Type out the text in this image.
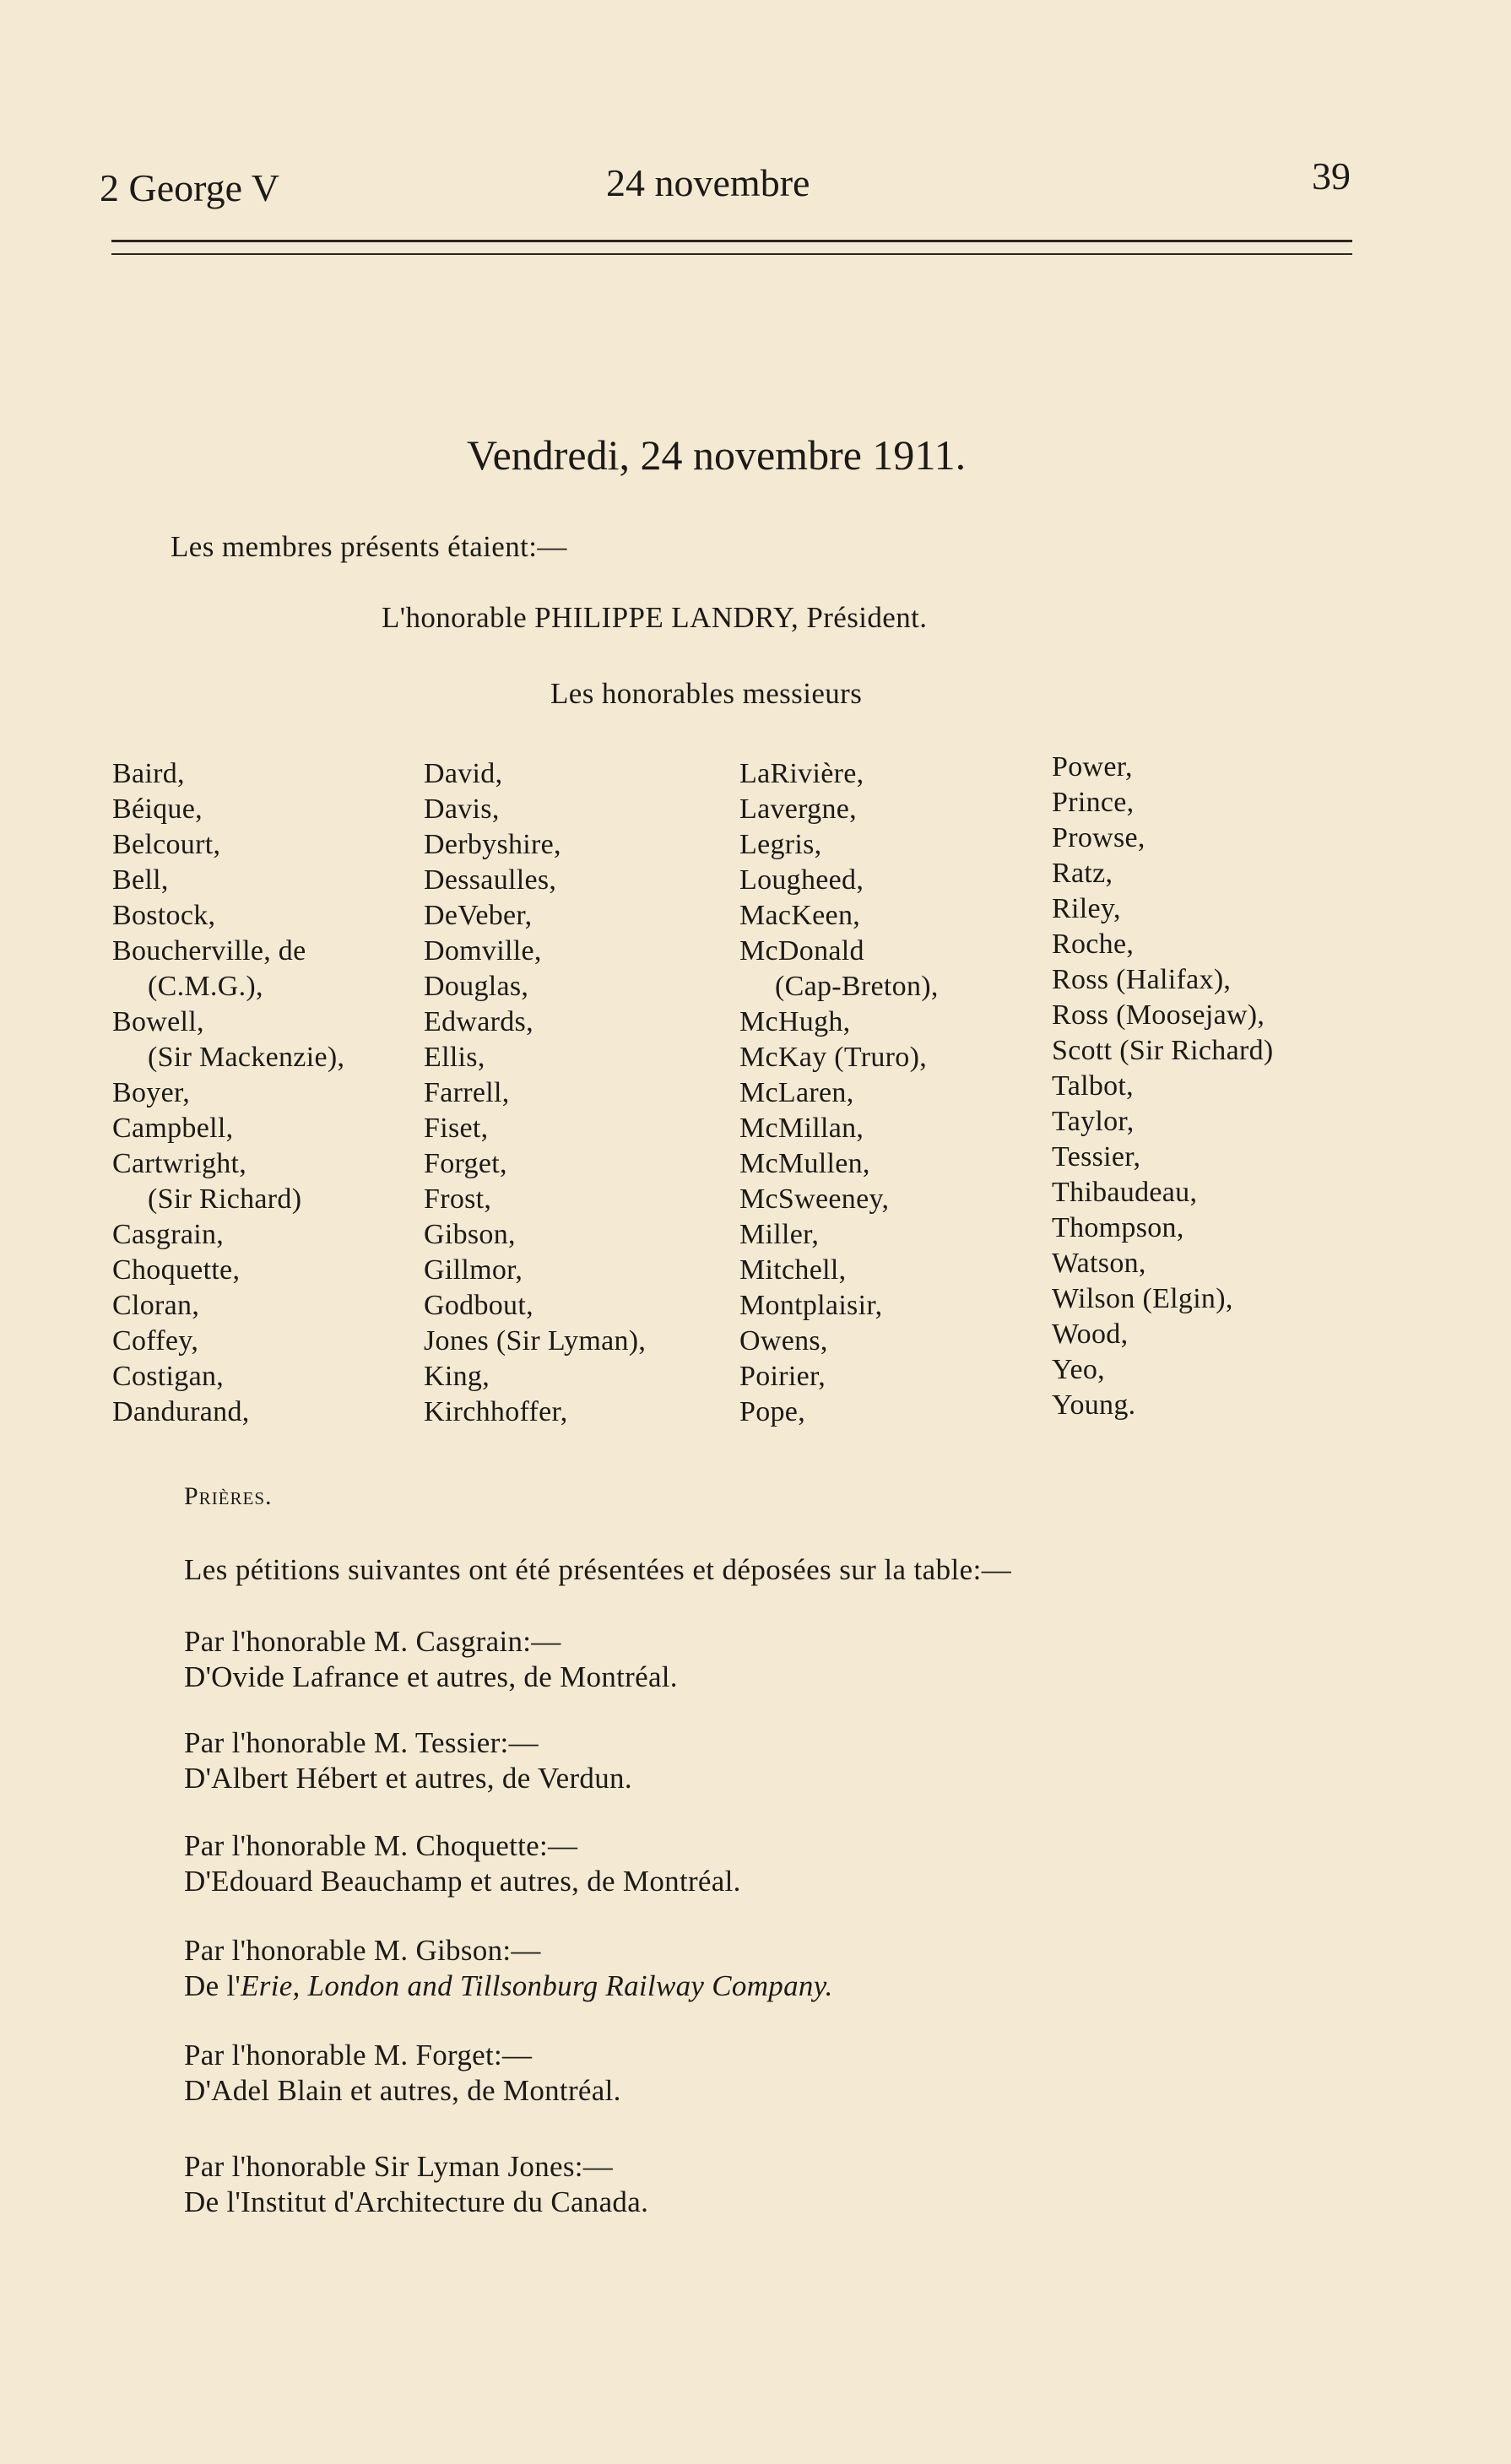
2 George V	24 novembre	39
Vendredi, 24 novembre 1911.
Les membres présents étaient:—
L'honorable PHILIPPE LANDRY, Président.
Les honorables messieurs
Baird,
Béique,
Belcourt,
Bell,
Bostock,
Boucherville, de
(C.M.G.),
Bowell,
(Sir Mackenzie),
Boyer,
Campbell,
Cartwright,
(Sir Richard)
Casgrain,
Choquette,
Cloran,
Coffey,
Costigan,
Dandurand,
David,
Davis,
Derbyshire,
Dessaulles,
DeVeber,
Domville,
Douglas,
Edwards,
Ellis,
Farrell,
Fiset,
Forget,
Frost,
Gibson,
Gillmor,
Godbout,
Jones (Sir Lyman),
King,
Kirchhoffer,
LaRivière,
Lavergne,
Legris,
Lougheed,
MacKeen,
McDonald
(Cap-Breton),
McHugh,
McKay (Truro),
McLaren,
McMillan,
McMullen,
McSweeney,
Miller,
Mitchell,
Montplaisir,
Owens,
Poirier,
Pope,
Power,
Prince,
Prowse,
Ratz,
Riley,
Roche,
Ross (Halifax),
Ross (Moosejaw),
Scott (Sir Richard)
Talbot,
Taylor,
Tessier,
Thibaudeau,
Thompson,
Watson,
Wilson (Elgin),
Wood,
Yeo,
Young.
Prières.
Les pétitions suivantes ont été présentées et déposées sur la table:—
Par l'honorable M. Casgrain:—
D'Ovide Lafrance et autres, de Montréal.
Par l'honorable M. Tessier:—
D'Albert Hébert et autres, de Verdun.
Par l'honorable M. Choquette:—
D'Edouard Beauchamp et autres, de Montréal.
Par l'honorable M. Gibson:—
De l'Erie, London and Tillsonburg Railway Company.
Par l'honorable M. Forget:—
D'Adel Blain et autres, de Montréal.
Par l'honorable Sir Lyman Jones:—
De l'Institut d'Architecture du Canada.
